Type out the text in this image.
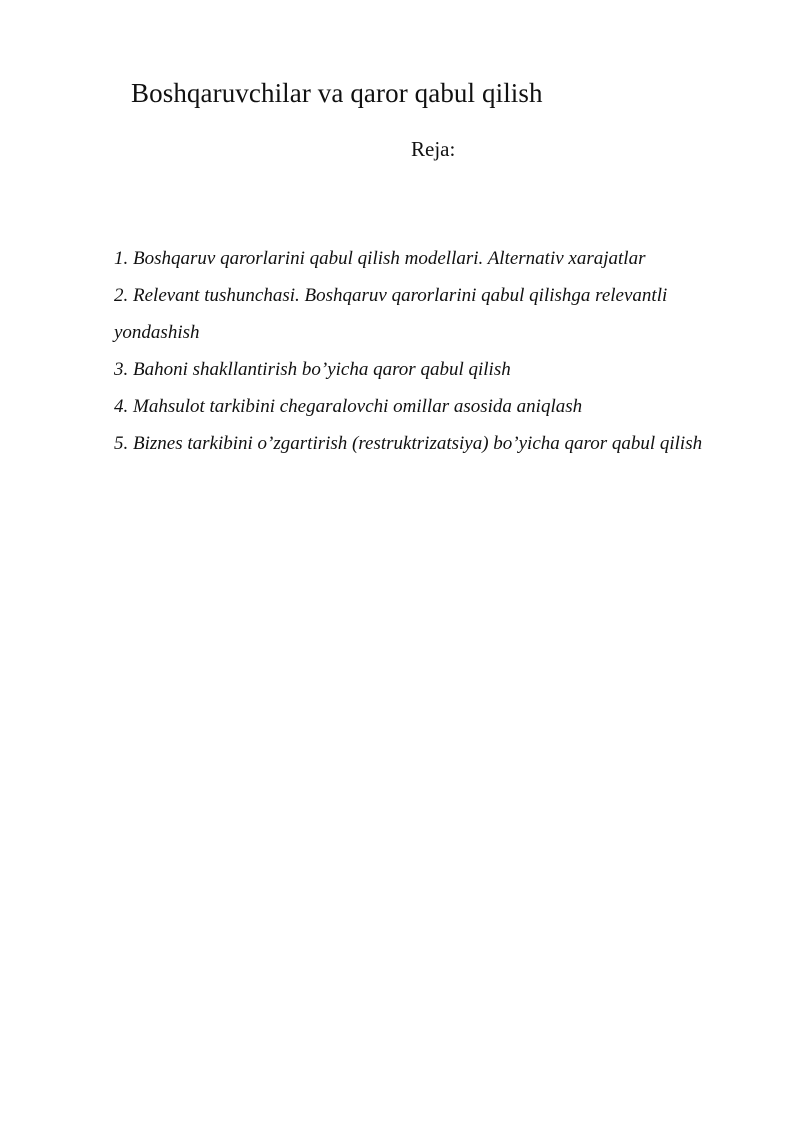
Boshqaruvchilar va qaror qabul qilish
Reja:
1. Boshqaruv qarorlarini qabul qilish modellari. Alternativ xarajatlar
2. Relevant tushunchasi. Boshqaruv qarorlarini qabul qilishga relevantli yondashish
3. Bahoni shakllantirish bo’yicha qaror qabul qilish
4. Mahsulot tarkibini chegaralovchi omillar asosida aniqlash
5. Biznes tarkibini o’zgartirish (restruktrizatsiya) bo’yicha qaror qabul qilish
